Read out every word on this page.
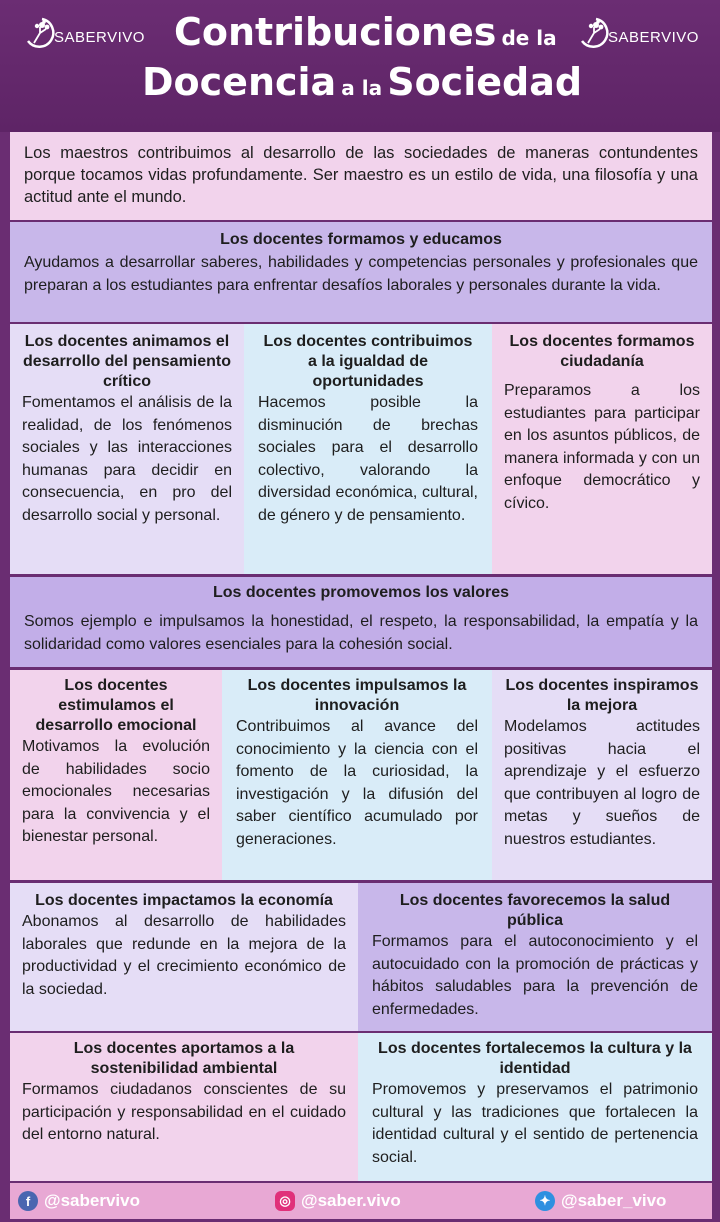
SABERVIVO	SABERVIVO
Contribuciones de la
Docencia a la Sociedad
Los maestros contribuimos al desarrollo de las sociedades de maneras contundentes porque tocamos vidas profundamente. Ser maestro es un estilo de vida, una filosofía y una actitud ante el mundo.
Los docentes formamos y educamos
Ayudamos a desarrollar saberes, habilidades y competencias personales y profesionales que preparan a los estudiantes para enfrentar desafíos laborales y personales durante la vida.
Los docentes animamos el desarrollo del pensamiento crítico
Fomentamos el análisis de la realidad, de los fenómenos sociales y las interacciones humanas para decidir en consecuencia, en pro del desarrollo social y personal.
Los docentes contribuimos a la igualdad de oportunidades
Hacemos posible la disminución de brechas sociales para el desarrollo colectivo, valorando la diversidad económica, cultural, de género y de pensamiento.
Los docentes formamos ciudadanía
Preparamos a los estudiantes para participar en los asuntos públicos, de manera informada y con un enfoque democrático y cívico.
Los docentes promovemos los valores
Somos ejemplo e impulsamos la honestidad, el respeto, la responsabilidad, la empatía y la solidaridad como valores esenciales para la cohesión social.
Los docentes estimulamos el desarrollo emocional
Motivamos la evolución de habilidades socio emocionales necesarias para la convivencia y el bienestar personal.
Los docentes impulsamos la innovación
Contribuimos al avance del conocimiento y la ciencia con el fomento de la curiosidad, la investigación y la difusión del saber científico acumulado por generaciones.
Los docentes inspiramos la mejora
Modelamos actitudes positivas hacia el aprendizaje y el esfuerzo que contribuyen al logro de metas y sueños de nuestros estudiantes.
Los docentes impactamos la economía
Abonamos al desarrollo de habilidades laborales que redunde en la mejora de la productividad y el crecimiento económico de la sociedad.
Los docentes favorecemos la salud pública
Formamos para el autoconocimiento y el autocuidado con la promoción de prácticas y hábitos saludables para la prevención de enfermedades.
Los docentes aportamos a la sostenibilidad ambiental
Formamos ciudadanos conscientes de su participación y responsabilidad en el cuidado del entorno natural.
Los docentes fortalecemos la cultura y la identidad
Promovemos y preservamos el patrimonio cultural y las tradiciones que fortalecen la identidad cultural y el sentido de pertenencia social.
f @sabervivo	◎ @saber.vivo	✦ @saber_vivo
